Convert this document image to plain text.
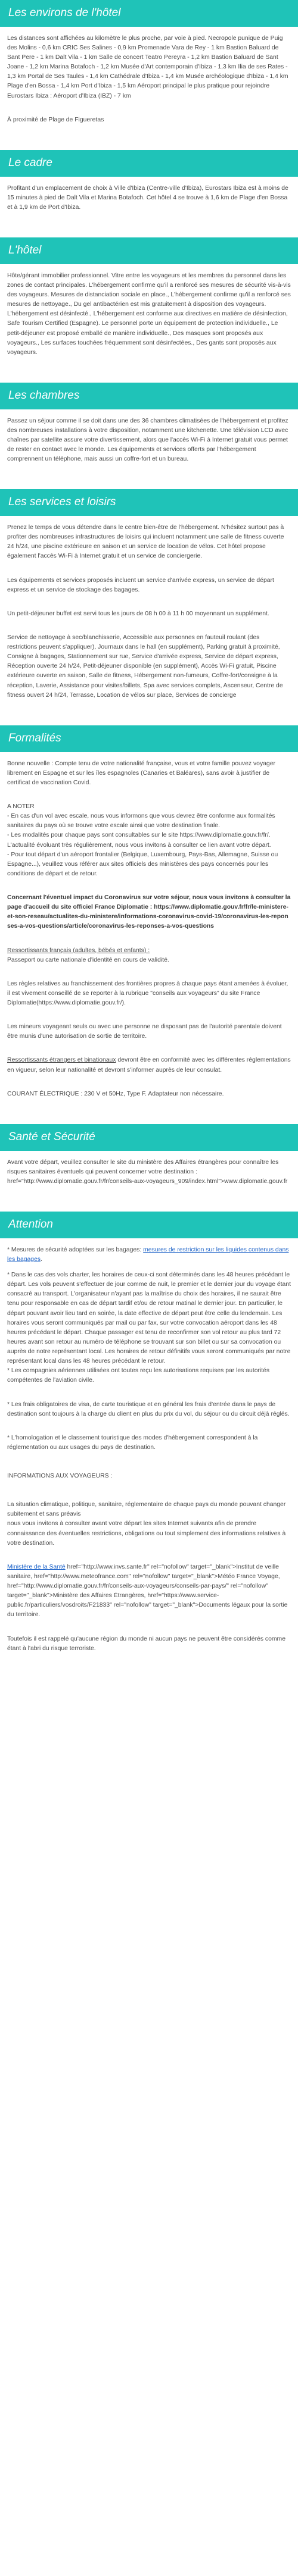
Les environs de l'hôtel

Les distances sont affichées au kilomètre le plus proche, par voie à pied. Necropole punique de Puig des Molins - 0,6 km CRIC Ses Salines - 0,9 km Promenade Vara de Rey - 1 km Bastion Baluard de Sant Pere - 1 km Dalt Vila - 1 km Salle de concert Teatro Pereyra - 1,2 km Bastion Baluard de Sant Joane - 1,2 km Marina Botafoch - 1,2 km Musée d'Art contemporain d'Ibiza - 1,3 km Ilia de ses Rates - 1,3 km Portal de Ses Taules - 1,4 km Cathédrale d'Ibiza - 1,4 km Musée archéologique d'Ibiza - 1,4 km Plage d'en Bossa - 1,4 km Port d'Ibiza - 1,5 km Aéroport principal le plus pratique pour rejoindre Eurostars Ibiza : Aéroport d'Ibiza (IBZ) - 7 km

À proximité de Plage de Figueretas

Le cadre

Profitant d'un emplacement de choix à Ville d'Ibiza (Centre-ville d'Ibiza), Eurostars Ibiza est à moins de 15 minutes à pied de Dalt Vila et Marina Botafoch. Cet hôtel 4 se trouve à 1,6 km de Plage d'en Bossa et à 1,9 km de Port d'Ibiza.

L'hôtel

Hôte/gérant immobilier professionnel. Vitre entre les voyageurs et les membres du personnel dans les zones de contact principales. L'hébergement confirme qu'il a renforcé ses mesures de sécurité vis-à-vis des voyageurs. Mesures de distanciation sociale en place., L'hébergement confirme qu'il a renforcé ses mesures de nettoyage., Du gel antibactérien est mis gratuitement à disposition des voyageurs. L'hébergement est désinfecté., L'hébergement est conforme aux directives en matière de désinfection, Safe Tourism Certified (Espagne). Le personnel porte un équipement de protection individuelle., Le petit-déjeuner est proposé emballé de manière individuelle., Des masques sont proposés aux voyageurs., Les surfaces touchées fréquemment sont désinfectées., Des gants sont proposés aux voyageurs.

Les chambres

Passez un séjour comme il se doit dans une des 36 chambres climatisées de l'hébergement et profitez des nombreuses installations à votre disposition, notamment une kitchenette. Une télévision LCD avec chaînes par satellite assure votre divertissement, alors que l'accès Wi-Fi à Internet gratuit vous permet de rester en contact avec le monde. Les équipements et services offerts par l'hébergement comprennent un téléphone, mais aussi un coffre-fort et un bureau.

Les services et loisirs

Prenez le temps de vous détendre dans le centre bien-être de l'hébergement. N'hésitez surtout pas à profiter des nombreuses infrastructures de loisirs qui incluent notamment une salle de fitness ouverte 24 h/24, une piscine extérieure en saison et un service de location de vélos. Cet hôtel propose également l'accès Wi-Fi à Internet gratuit et un service de conciergerie.

Les équipements et services proposés incluent un service d'arrivée express, un service de départ express et un service de stockage des bagages.

Un petit-déjeuner buffet est servi tous les jours de 08 h 00 à 11 h 00 moyennant un supplément.

Service de nettoyage à sec/blanchisserie, Accessible aux personnes en fauteuil roulant (des restrictions peuvent s'appliquer), Journaux dans le hall (en supplément), Parking gratuit à proximité, Consigne à bagages, Stationnement sur rue, Service d'arrivée express, Service de départ express, Réception ouverte 24 h/24, Petit-déjeuner disponible (en supplément), Accès Wi-Fi gratuit, Piscine extérieure ouverte en saison, Salle de fitness, Hébergement non-fumeurs, Coffre-fort/consigne à la réception, Laverie, Assistance pour visites/billets, Spa avec services complets, Ascenseur, Centre de fitness ouvert 24 h/24, Terrasse, Location de vélos sur place, Services de concierge

Formalités

Bonne nouvelle : Compte tenu de votre nationalité française, vous et votre famille pouvez voyager librement en Espagne et sur les îles espagnoles (Canaries et Baléares), sans avoir à justifier de certificat de vaccination Covid.

A NOTER
- En cas d'un vol avec escale, nous vous informons que vous devrez être conforme aux formalités sanitaires du pays où se trouve votre escale ainsi que votre destination finale.
- Les modalités pour chaque pays sont consultables sur le site https://www.diplomatie.gouv.fr/fr/. L'actualité évoluant très régulièrement, nous vous invitons à consulter ce lien avant votre départ.
- Pour tout départ d'un aéroport frontalier (Belgique, Luxembourg, Pays-Bas, Allemagne, Suisse ou Espagne...), veuillez vous référer aux sites officiels des ministères des pays concernés pour les conditions de départ et de retour.

Concernant l'éventuel impact du Coronavirus sur votre séjour, nous vous invitons à consulter la page d'accueil du site officiel France Diplomatie : https://www.diplomatie.gouv.fr/fr/le-ministere-et-son-reseau/actualites-du-ministere/informations-coronavirus-covid-19/coronavirus-les-reponses-a-vos-questions/article/coronavirus-les-reponses-a-vos-questions

Ressortissants français (adultes, bébés et enfants) :
Passeport ou carte nationale d'identité en cours de validité.

Les règles relatives au franchissement des frontières propres à chaque pays étant amenées à évoluer, il est vivement conseillé de se reporter à la rubrique "conseils aux voyageurs" du site France Diplomatie(https://www.diplomatie.gouv.fr/).

Les mineurs voyageant seuls ou avec une personne ne disposant pas de l'autorité parentale doivent être munis d'une autorisation de sortie de territoire.

Ressortissants étrangers et binationaux devront être en conformité avec les différentes réglementations en vigueur, selon leur nationalité et devront s'informer auprès de leur consulat.

COURANT ÉLECTRIQUE : 230 V et 50Hz, Type F. Adaptateur non nécessaire.

Santé et Sécurité

Avant votre départ, veuillez consulter le site du ministère des Affaires étrangères pour connaître les risques sanitaires éventuels qui peuvent concerner votre destination : href="http://www.diplomatie.gouv.fr/fr/conseils-aux-voyageurs_909/index.html">www.diplomatie.gouv.fr

Attention

* Mesures de sécurité adoptées sur les bagages: mesures de restriction sur les liquides contenus dans les bagages.

* Dans le cas des vols charter, les horaires de ceux-ci sont déterminés dans les 48 heures précédant le départ. Les vols peuvent s'effectuer de jour comme de nuit, le premier et le dernier jour du voyage étant consacré au transport. L'organisateur n'ayant pas la maîtrise du choix des horaires, il ne saurait être tenu pour responsable en cas de départ tardif et/ou de retour matinal le dernier jour. En particulier, le départ pouvant avoir lieu tard en soirée, la date effective de départ peut être celle du lendemain. Les horaires vous seront communiqués par mail ou par fax, sur votre convocation aéroport dans les 48 heures précédant le départ. Chaque passager est tenu de reconfirmer son vol retour au plus tard 72 heures avant son retour au numéro de téléphone se trouvant sur son billet ou sur sa convocation ou auprès de notre représentant local. Les horaires de retour définitifs vous seront communiqués par notre représentant local dans les 48 heures précédant le retour.
* Les compagnies aériennes utilisées ont toutes reçu les autorisations requises par les autorités compétentes de l'aviation civile.

* Les frais obligatoires de visa, de carte touristique et en général les frais d'entrée dans le pays de destination sont toujours à la charge du client en plus du prix du vol, du séjour ou du circuit déjà réglés.

* L'homologation et le classement touristique des modes d'hébergement correspondent à la réglementation ou aux usages du pays de destination.

INFORMATIONS AUX VOYAGEURS :

La situation climatique, politique, sanitaire, réglementaire de chaque pays du monde pouvant changer subitement et sans préavis
nous vous invitons à consulter avant votre départ les sites Internet suivants afin de prendre connaissance des éventuelles restrictions, obligations ou tout simplement des informations relatives à votre destination.

Ministère de la Santé href="http://www.invs.sante.fr" rel="nofollow" target="_blank">Institut de veille sanitaire, href="http://www.meteofrance.com" rel="nofollow" target="_blank">Météo France Voyage, href="http://www.diplomatie.gouv.fr/fr/conseils-aux-voyageurs/conseils-par-pays/" rel="nofollow" target="_blank">Ministère des Affaires Étrangères, href="https://www.service-public.fr/particuliers/vosdroits/F21833" rel="nofollow" target="_blank">Documents légaux pour la sortie du territoire.

Toutefois il est rappelé qu'aucune région du monde ni aucun pays ne peuvent être considérés comme étant à l'abri du risque terroriste.
